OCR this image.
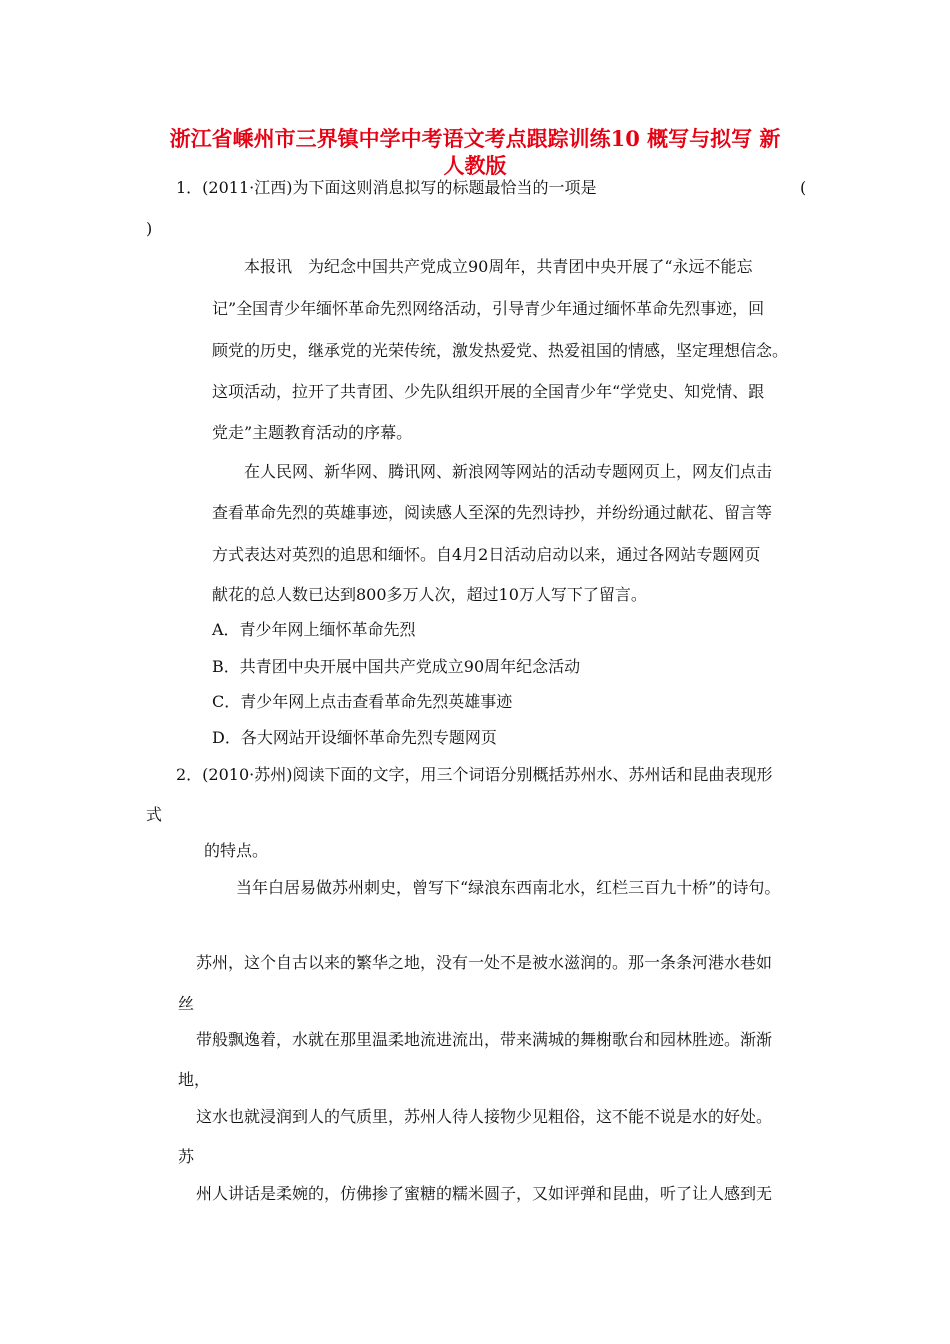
浙江省嵊州市三界镇中学中考语文考点跟踪训练10 概写与拟写 新
人教版
1．(2011·江西)为下面这则消息拟写的标题最恰当的一项是	(
)
本报讯　为纪念中国共产党成立90周年，共青团中央开展了“永远不能忘
记”全国青少年缅怀革命先烈网络活动，引导青少年通过缅怀革命先烈事迹，回
顾党的历史，继承党的光荣传统，激发热爱党、热爱祖国的情感，坚定理想信念。
这项活动，拉开了共青团、少先队组织开展的全国青少年“学党史、知党情、跟
党走”主题教育活动的序幕。
在人民网、新华网、腾讯网、新浪网等网站的活动专题网页上，网友们点击
查看革命先烈的英雄事迹，阅读感人至深的先烈诗抄，并纷纷通过献花、留言等
方式表达对英烈的追思和缅怀。自4月2日活动启动以来，通过各网站专题网页
献花的总人数已达到800多万人次，超过10万人写下了留言。
A．青少年网上缅怀革命先烈
B．共青团中央开展中国共产党成立90周年纪念活动
C．青少年网上点击查看革命先烈英雄事迹
D．各大网站开设缅怀革命先烈专题网页
2．(2010·苏州)阅读下面的文字，用三个词语分别概括苏州水、苏州话和昆曲表现形
式
的特点。
当年白居易做苏州刺史，曾写下“绿浪东西南北水，红栏三百九十桥”的诗句。
苏州，这个自古以来的繁华之地，没有一处不是被水滋润的。那一条条河港水巷如
丝
带般飘逸着，水就在那里温柔地流进流出，带来满城的舞榭歌台和园林胜迹。渐渐
地，
这水也就浸润到人的气质里，苏州人待人接物少见粗俗，这不能不说是水的好处。
苏
州人讲话是柔婉的，仿佛掺了蜜糖的糯米圆子，又如评弹和昆曲，听了让人感到无
